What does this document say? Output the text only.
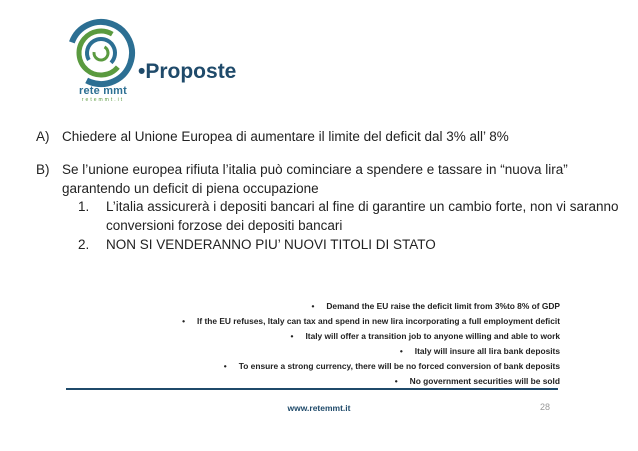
rete mmt
retemmt.it
•Proposte
A) Chiedere al Unione Europea di aumentare il limite del deficit dal 3% all’ 8%
B) Se l’unione europea rifiuta l’italia può cominciare a spendere e tassare in “nuova lira”
garantendo un deficit di piena occupazione
1. L’italia assicurerà i depositi bancari al fine di garantire un cambio forte, non vi saranno
conversioni forzose dei depositi bancari
2. NON SI VENDERANNO PIU’ NUOVI TITOLI DI STATO
• Demand the EU raise the deficit limit from 3%to 8% of GDP
• If the EU refuses, Italy can tax and spend in new lira incorporating a full employment deficit
• Italy will offer a transition job to anyone willing and able to work
• Italy will insure all lira bank deposits
• To ensure a strong currency, there will be no forced conversion of bank deposits
• No government securities will be sold
www.retemmt.it	28
